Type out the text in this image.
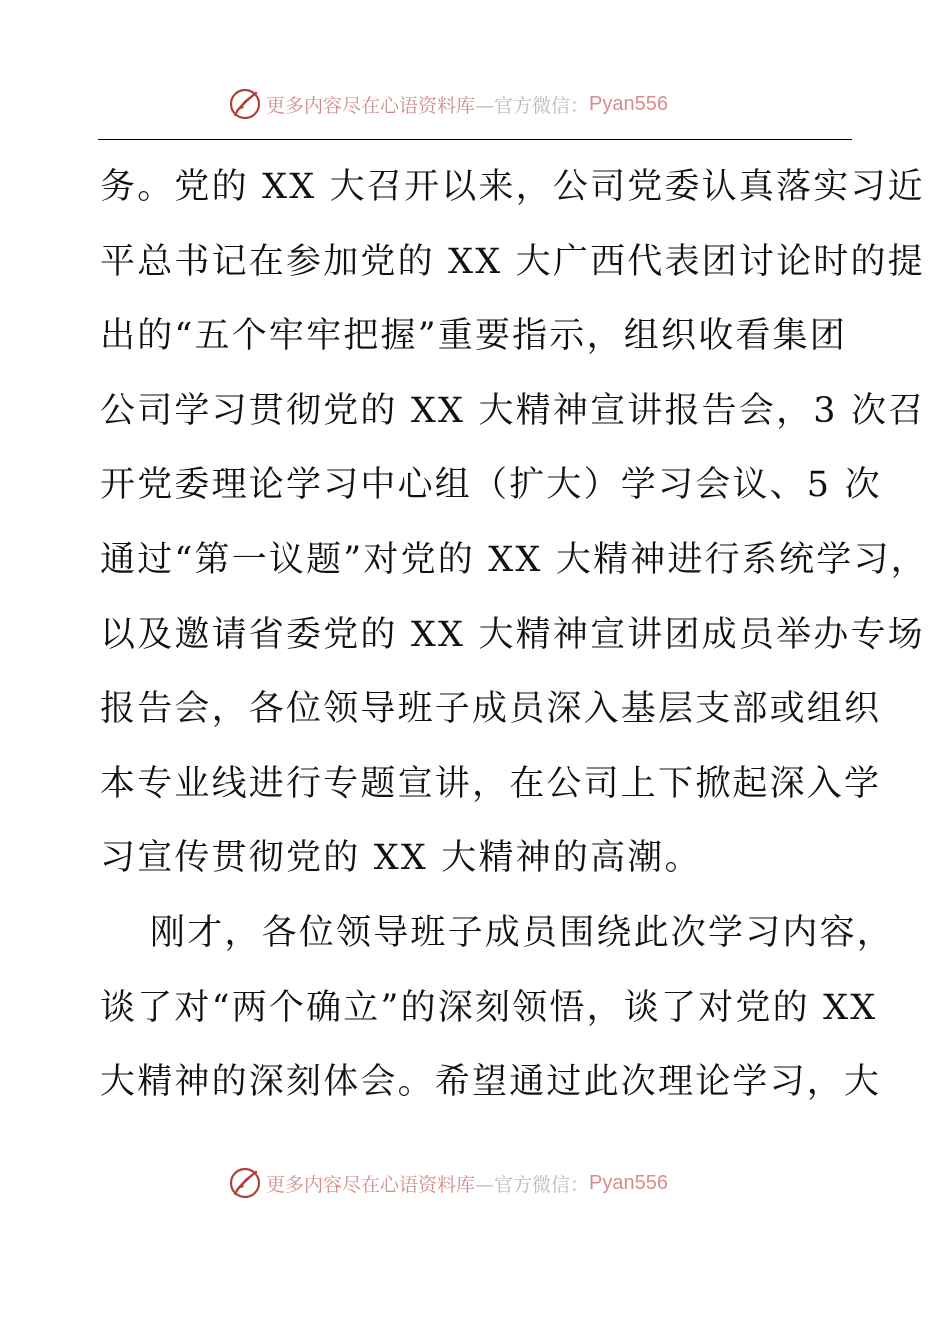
更多内容尽在心语资料库 —官方微信： Pyan556
务。党的 XX 大召开以来，公司党委认真落实习近
平总书记在参加党的 XX 大广西代表团讨论时的提
出的“五个牢牢把握”重要指示，组织收看集团
公司学习贯彻党的 XX 大精神宣讲报告会，3 次召
开党委理论学习中心组（扩大）学习会议、5 次
通过“第一议题”对党的 XX 大精神进行系统学习，
以及邀请省委党的 XX 大精神宣讲团成员举办专场
报告会，各位领导班子成员深入基层支部或组织
本专业线进行专题宣讲，在公司上下掀起深入学
习宣传贯彻党的 XX 大精神的高潮。
刚才，各位领导班子成员围绕此次学习内容，
谈了对“两个确立”的深刻领悟，谈了对党的 XX
大精神的深刻体会。希望通过此次理论学习，大
更多内容尽在心语资料库 —官方微信： Pyan556
